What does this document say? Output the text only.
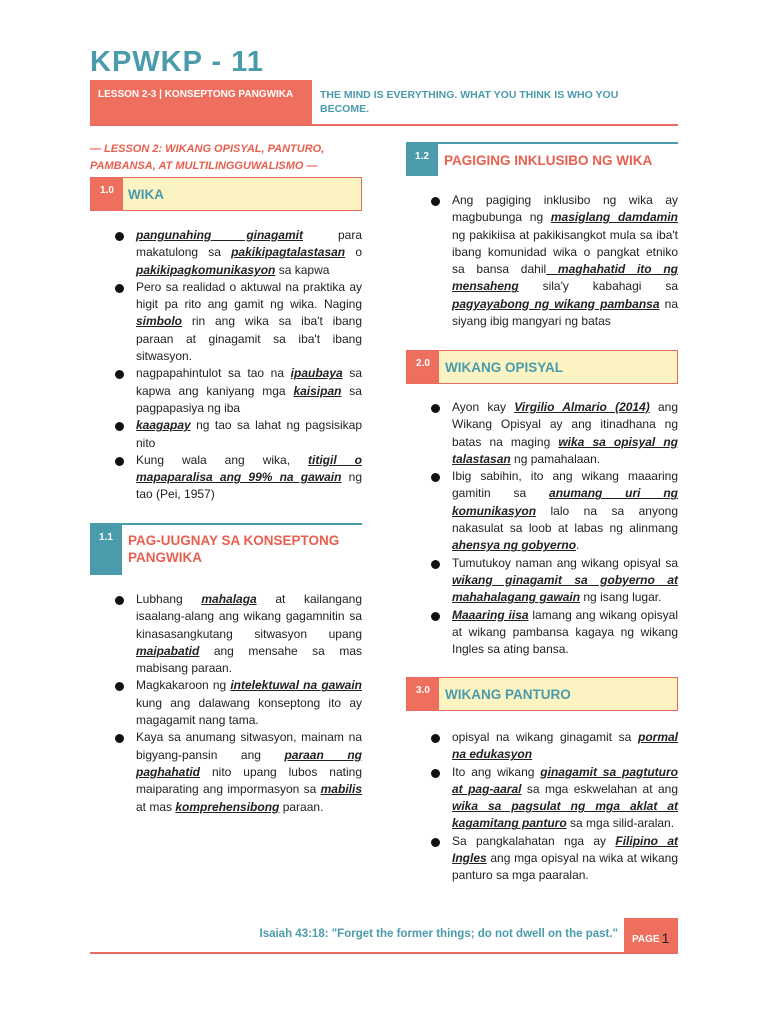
KPWKP - 11
LESSON 2-3 | KONSEPTONG PANGWIKA	THE MIND IS EVERYTHING. WHAT YOU THINK IS WHO YOU BECOME.
— LESSON 2: WIKANG OPISYAL, PANTURO, PAMBANSA, AT MULTILINGGUWALISMO —
1.0	WIKA
pangunahing ginagamit para makatulong sa pakikipagtalastasan o pakikipagkomunikasyon sa kapwa
Pero sa realidad o aktuwal na praktika ay higit pa rito ang gamit ng wika. Naging simbolo rin ang wika sa iba't ibang paraan at ginagamit sa iba't ibang sitwasyon.
nagpapahintulot sa tao na ipaubaya sa kapwa ang kaniyang mga kaisipan sa pagpapasiya ng iba
kaagapay ng tao sa lahat ng pagsisikap nito
Kung wala ang wika, titigil o mapaparalisa ang 99% na gawain ng tao (Pei, 1957)
1.1	PAG-UUGNAY SA KONSEPTONG PANGWIKA
Lubhang mahalaga at kailangang isaalang-alang ang wikang gagamnitin sa kinasasangkutang sitwasyon upang maipabatid ang mensahe sa mas mabisang paraan.
Magkakaroon ng intelektuwal na gawain kung ang dalawang konseptong ito ay magagamit nang tama.
Kaya sa anumang sitwasyon, mainam na bigyang-pansin ang paraan ng paghahatid nito upang lubos nating maiparating ang impormasyon sa mabilis at mas komprehensibong paraan.
1.2	PAGIGING INKLUSIBO NG WIKA
Ang pagiging inklusibo ng wika ay magbubunga ng masiglang damdamin ng pakikiisa at pakikisangkot mula sa iba't ibang komunidad wika o pangkat etniko sa bansa dahil maghahatid ito ng mensaheng sila'y kabahagi sa pagyayabong ng wikang pambansa na siyang ibig mangyari ng batas
2.0	WIKANG OPISYAL
Ayon kay Virgilio Almario (2014) ang Wikang Opisyal ay ang itinadhana ng batas na maging wika sa opisyal ng talastasan ng pamahalaan.
Ibig sabihin, ito ang wikang maaaring gamitin sa anumang uri ng komunikasyon lalo na sa anyong nakasulat sa loob at labas ng alinmang ahensya ng gobyerno.
Tumutukoy naman ang wikang opisyal sa wikang ginagamit sa gobyerno at mahahalagang gawain ng isang lugar.
Maaaring iisa lamang ang wikang opisyal at wikang pambansa kagaya ng wikang Ingles sa ating bansa.
3.0	WIKANG PANTURO
opisyal na wikang ginagamit sa pormal na edukasyon
Ito ang wikang ginagamit sa pagtuturo at pag-aaral sa mga eskwelahan at ang wika sa pagsulat ng mga aklat at kagamitang panturo sa mga silid-aralan.
Sa pangkalahatan nga ay Filipino at Ingles ang mga opisyal na wika at wikang panturo sa mga paaralan.
Isaiah 43:18: "Forget the former things; do not dwell on the past."	PAGE 1
